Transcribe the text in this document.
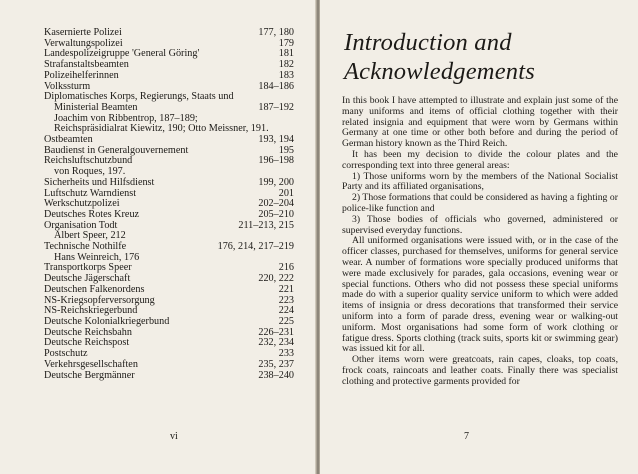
Kasernierte Polizei	177, 180
Verwaltungspolizei	179
Landespolizeigruppe 'General Göring'	181
Strafanstaltsbeamten	182
Polizeihelferinnen	183
Volkssturm	184–186
Diplomatisches Korps, Regierungs, Staats und
Ministerial Beamten	187–192
Joachim von Ribbentrop, 187–189;
Reichspräsidialrat Kiewitz, 190; Otto Meissner, 191.
Ostbeamten	193, 194
Baudienst in Generalgouvernement	195
Reichsluftschutzbund	196–198
von Roques, 197.
Sicherheits und Hilfsdienst	199, 200
Luftschutz Warndienst	201
Werkschutzpolizei	202–204
Deutsches Rotes Kreuz	205–210
Organisation Todt	211–213, 215
Albert Speer, 212
Technische Nothilfe	176, 214, 217–219
Hans Weinreich, 176
Transportkorps Speer	216
Deutsche Jägerschaft	220, 222
Deutschen Falkenordens	221
NS-Kriegsopferversorgung	223
NS-Reichskriegerbund	224
Deutsche Kolonialkriegerbund	225
Deutsche Reichsbahn	226–231
Deutsche Reichspost	232, 234
Postschutz	233
Verkehrsgesellschaften	235, 237
Deutsche Bergmänner	238–240
vi
Introduction and
Acknowledgements

In this book I have attempted to illustrate and explain just some of the many uniforms and items of official clothing together with their related insignia and equipment that were worn by Germans within Germany at one time or other both before and during the period of German history known as the Third Reich.

It has been my decision to divide the colour plates and the corresponding text into three general areas:

1) Those uniforms worn by the members of the National Socialist Party and its affiliated organisations,

2) Those formations that could be considered as having a fighting or police-like function and

3) Those bodies of officials who governed, administered or supervised everyday functions.

All uniformed organisations were issued with, or in the case of the officer classes, purchased for themselves, uniforms for general service wear. A number of formations wore specially produced uniforms that were made exclusively for parades, gala occasions, evening wear or special functions. Others who did not possess these special uniforms made do with a superior quality service uniform to which were added items of insignia or dress decorations that transformed their service uniform into a form of parade dress, evening wear or walking-out uniform. Most organisations had some form of work clothing or fatigue dress. Sports clothing (track suits, sports kit or swimming gear) was issued kit for all.

Other items worn were greatcoats, rain capes, cloaks, top coats, frock coats, raincoats and leather coats. Finally there was specialist clothing and protective garments provided for

7
